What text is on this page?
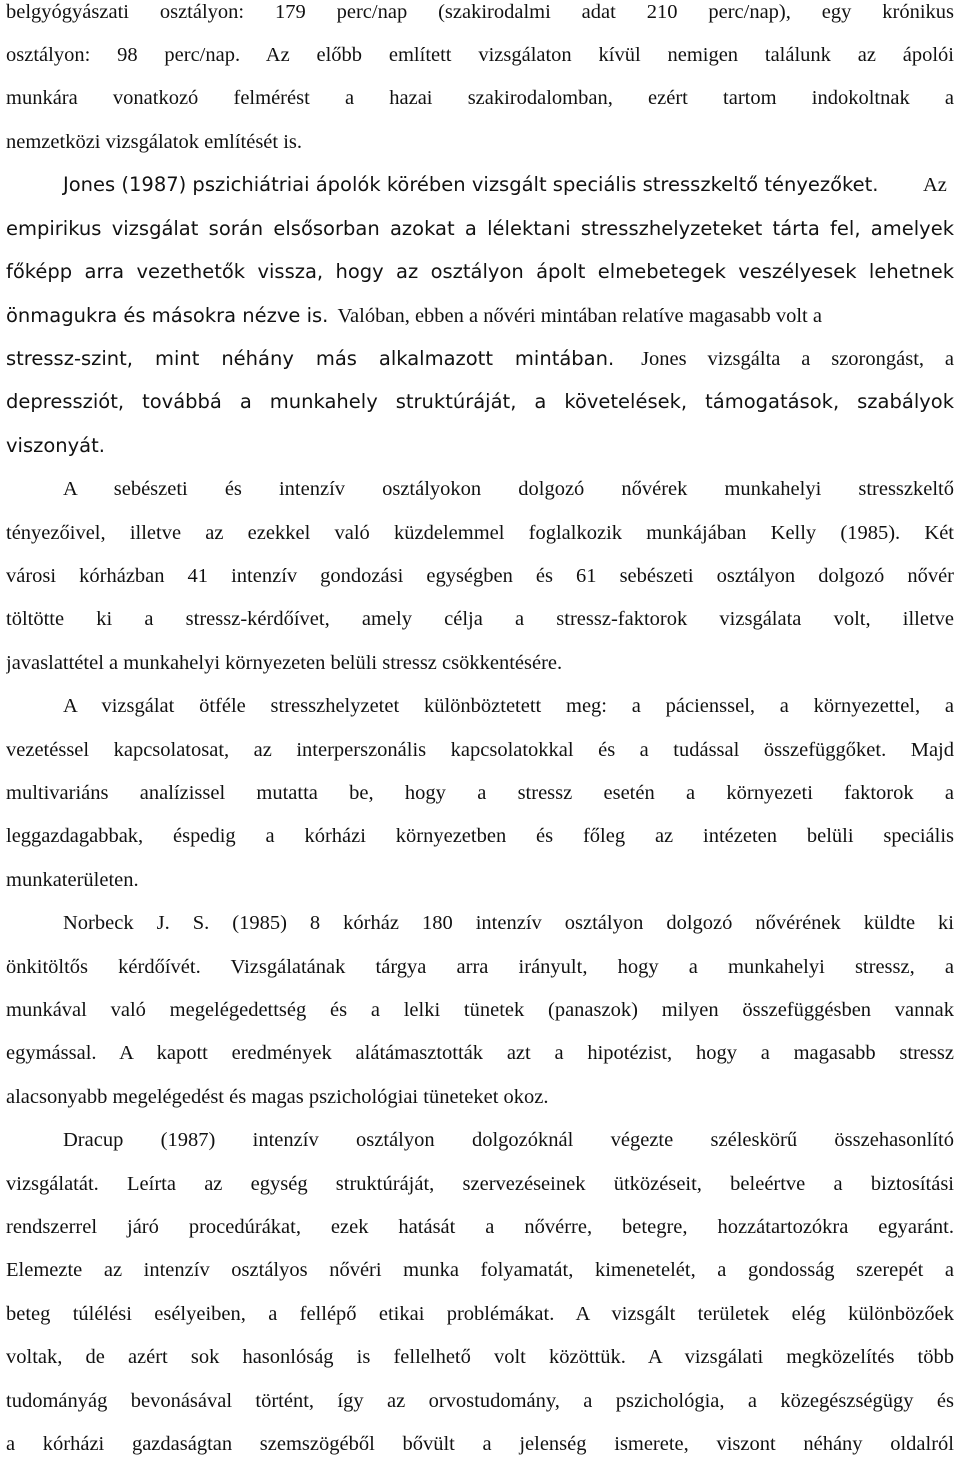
belgyógyászati osztályon: 179 perc/nap (szakirodalmi adat 210 perc/nap), egy krónikus
osztályon: 98 perc/nap. Az előbb említett vizsgálaton kívül nemigen találunk az ápolói
munkára vonatkozó felmérést a hazai szakirodalomban, ezért tartom indokoltnak a
nemzetközi vizsgálatok említését is.
Jones (1987) pszichiátriai ápolók körében vizsgált speciális stresszkeltő tényezőket.	Az
empirikus vizsgálat során elsősorban azokat a lélektani stresszhelyzeteket tárta fel, amelyek
főképp arra vezethetők vissza, hogy az osztályon ápolt elmebetegek veszélyesek lehetnek
önmagukra és másokra nézve is. Valóban, ebben a nővéri mintában relatíve magasabb volt a
stressz-szint, mint néhány más alkalmazott mintában. Jones vizsgálta a szorongást, a
depressziót, továbbá a munkahely struktúráját, a követelések, támogatások, szabályok
viszonyát.
A sebészeti és intenzív osztályokon dolgozó nővérek munkahelyi stresszkeltő
tényezőivel, illetve az ezekkel való küzdelemmel foglalkozik munkájában Kelly (1985). Két
városi kórházban 41 intenzív gondozási egységben és 61 sebészeti osztályon dolgozó nővér
töltötte ki a stressz-kérdőívet, amely célja a stressz-faktorok vizsgálata volt, illetve
javaslattétel a munkahelyi környezeten belüli stressz csökkentésére.
A vizsgálat ötféle stresszhelyzetet különböztetett meg: a pácienssel, a környezettel, a
vezetéssel kapcsolatosat, az interperszonális kapcsolatokkal és a tudással összefüggőket. Majd
multivariáns analízissel mutatta be, hogy a stressz esetén a környezeti faktorok a
leggazdagabbak, éspedig a kórházi környezetben és főleg az intézeten belüli speciális
munkaterületen.
Norbeck J. S. (1985) 8 kórház 180 intenzív osztályon dolgozó nővérének küldte ki
önkitöltős kérdőívét. Vizsgálatának tárgya arra irányult, hogy a munkahelyi stressz, a
munkával való megelégedettség és a lelki tünetek (panaszok) milyen összefüggésben vannak
egymással. A kapott eredmények alátámasztották azt a hipotézist, hogy a magasabb stressz
alacsonyabb megelégedést és magas pszichológiai tüneteket okoz.
Dracup (1987) intenzív osztályon dolgozóknál végezte széleskörű összehasonlító
vizsgálatát. Leírta az egység struktúráját, szervezéseinek ütközéseit, beleértve a biztosítási
rendszerrel járó procedúrákat, ezek hatását a nővérre, betegre, hozzátartozókra egyaránt.
Elemezte az intenzív osztályos nővéri munka folyamatát, kimenetelét, a gondosság szerepét a
beteg túlélési esélyeiben, a fellépő etikai problémákat. A vizsgált területek elég különbözőek
voltak, de azért sok hasonlóság is fellelhető volt közöttük. A vizsgálati megközelítés több
tudományág bevonásával történt, így az orvostudomány, a pszichológia, a közegészségügy és
a kórházi gazdaságtan szemszögéből bővült a jelenség ismerete, viszont néhány oldalról
